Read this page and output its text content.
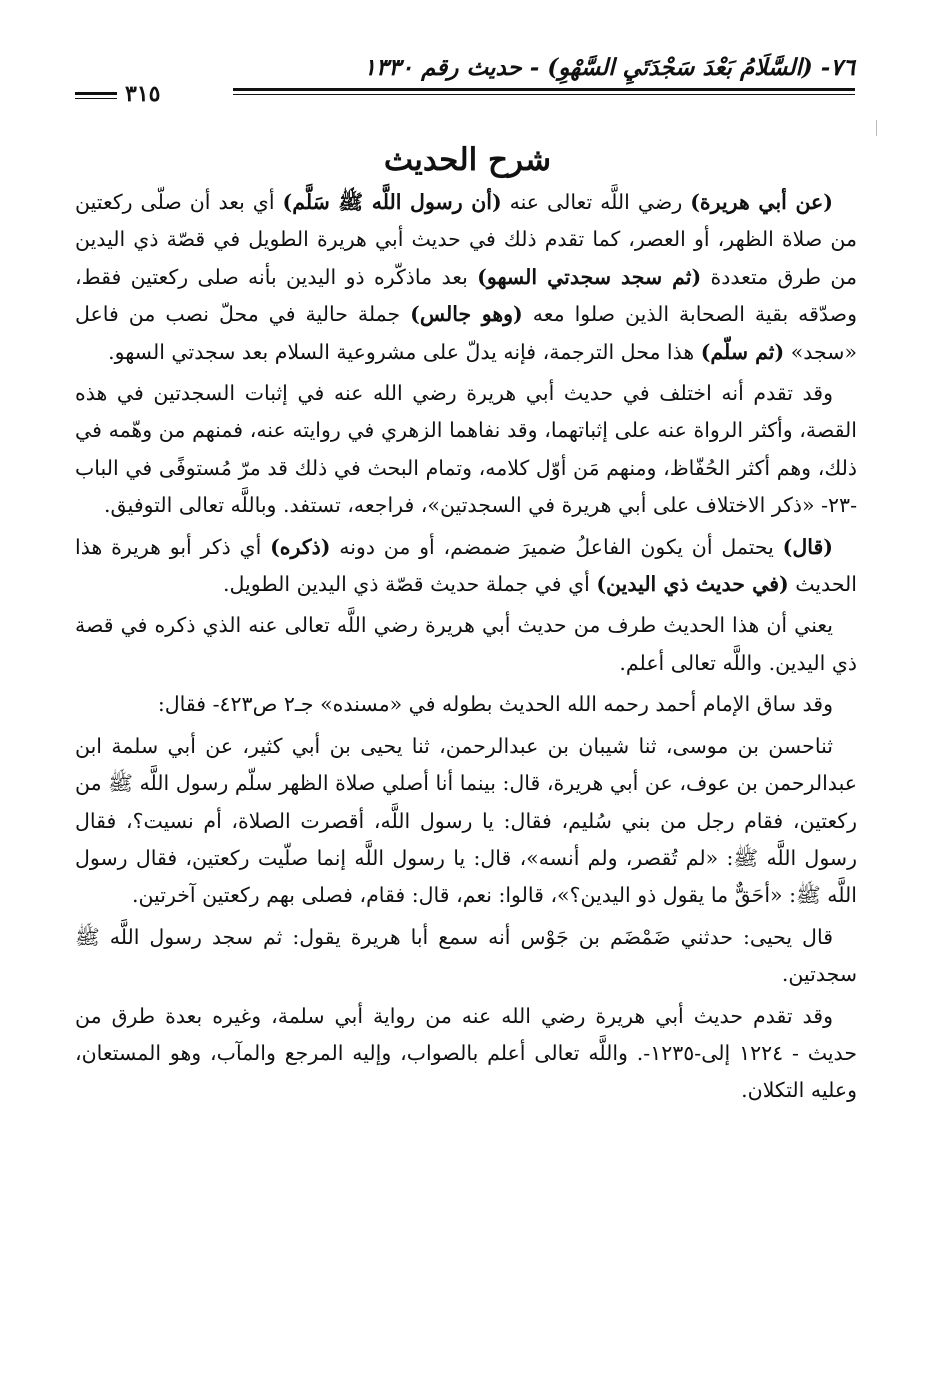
٧٦- (السَّلَامُ بَعْدَ سَجْدَتَيِ السَّهْوِ) - حديث رقم ١٣٣٠
٣١٥
شرح الحديث

(عن أبي هريرة) رضي اللَّه تعالى عنه (أن رسول اللَّه ﷺ سَلَّم) أي بعد أن صلّى ركعتين من صلاة الظهر، أو العصر، كما تقدم ذلك في حديث أبي هريرة الطويل في قصّة ذي اليدين من طرق متعددة (ثم سجد سجدتي السهو) بعد ماذكّره ذو اليدين بأنه صلى ركعتين فقط، وصدّقه بقية الصحابة الذين صلوا معه (وهو جالس) جملة حالية في محلّ نصب من فاعل «سجد» (ثم سلّم) هذا محل الترجمة، فإنه يدلّ على مشروعية السلام بعد سجدتي السهو.

وقد تقدم أنه اختلف في حديث أبي هريرة رضي الله عنه في إثبات السجدتين في هذه القصة، وأكثر الرواة عنه على إثباتهما، وقد نفاهما الزهري في روايته عنه، فمنهم من وهّمه في ذلك، وهم أكثر الحُفّاظ، ومنهم مَن أوّل كلامه، وتمام البحث في ذلك قد مرّ مُستوفًى في الباب -٢٣- «ذكر الاختلاف على أبي هريرة في السجدتين»، فراجعه، تستفد. وباللَّه تعالى التوفيق.

(قال) يحتمل أن يكون الفاعلُ ضميرَ ضمضم، أو من دونه (ذكره) أي ذكر أبو هريرة هذا الحديث (في حديث ذي اليدين) أي في جملة حديث قصّة ذي اليدين الطويل.

يعني أن هذا الحديث طرف من حديث أبي هريرة رضي اللَّه تعالى عنه الذي ذكره في قصة ذي اليدين. واللَّه تعالى أعلم.

وقد ساق الإمام أحمد رحمه الله الحديث بطوله في «مسنده» جـ٢ ص٤٢٣- فقال:

ثناحسن بن موسى، ثنا شيبان بن عبدالرحمن، ثنا يحيى بن أبي كثير، عن أبي سلمة ابن عبدالرحمن بن عوف، عن أبي هريرة، قال: بينما أنا أصلي صلاة الظهر سلّم رسول اللَّه ﷺ من ركعتين، فقام رجل من بني سُليم، فقال: يا رسول اللَّه، أقصرت الصلاة، أم نسيت؟، فقال رسول اللَّه ﷺ: «لم تُقصر، ولم أنسه»، قال: يا رسول اللَّه إنما صلّيت ركعتين، فقال رسول اللَّه ﷺ: «أحَقٌّ ما يقول ذو اليدين؟»، قالوا: نعم، قال: فقام، فصلى بهم ركعتين آخرتين.

قال يحيى: حدثني ضَمْضَم بن جَوْس أنه سمع أبا هريرة يقول: ثم سجد رسول اللَّه ﷺ سجدتين.

وقد تقدم حديث أبي هريرة رضي الله عنه من رواية أبي سلمة، وغيره بعدة طرق من حديث - ١٢٢٤ إلى-١٢٣٥-. واللَّه تعالى أعلم بالصواب، وإليه المرجع والمآب، وهو المستعان، وعليه التكلان.
